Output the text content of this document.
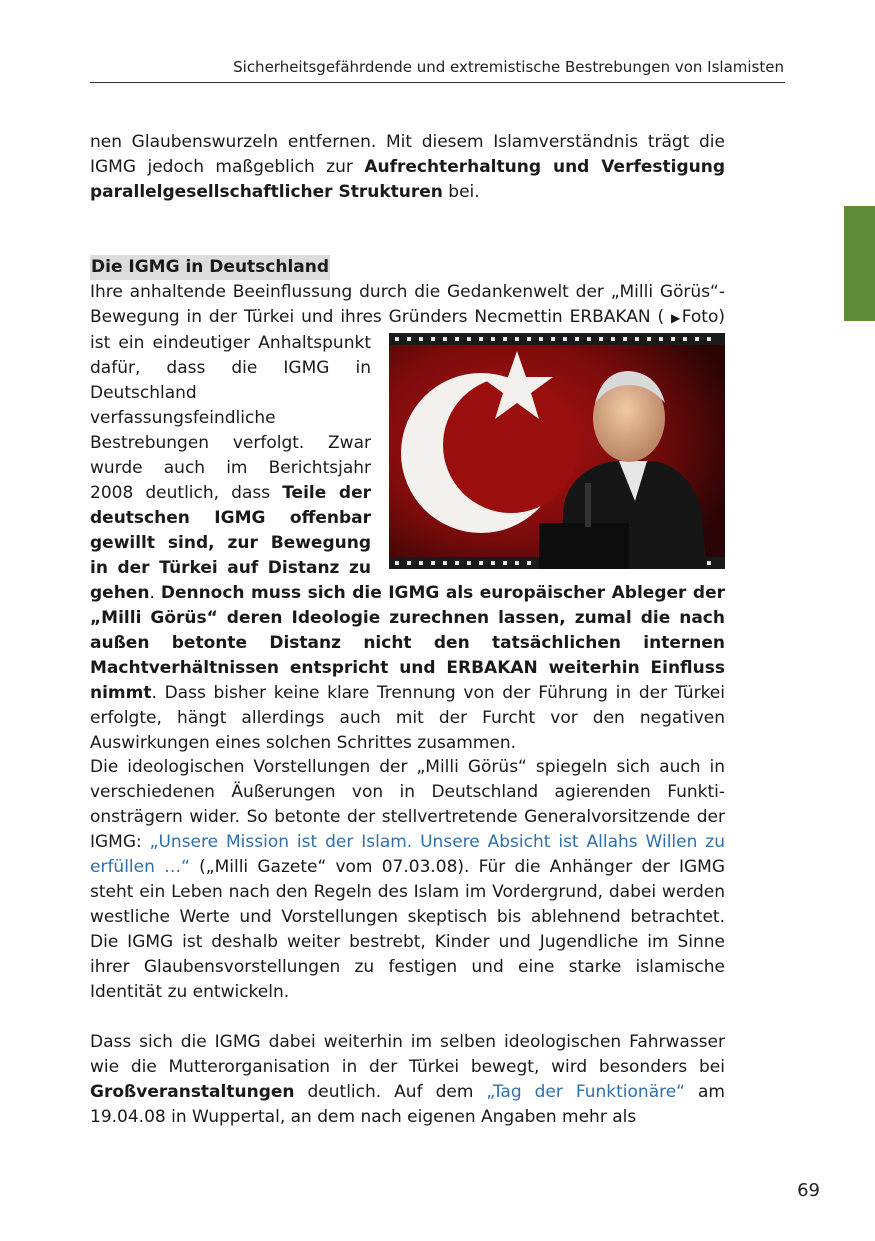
Sicherheitsgefährdende und extremistische Bestrebungen von Islamisten

nen Glaubenswurzeln entfernen. Mit diesem Islamverständnis trägt die IGMG jedoch maßgeblich zur Aufrechterhaltung und Verfestigung parallelgesellschaftlicher Strukturen bei.

Die IGMG in Deutschland
Ihre anhaltende Beeinflussung durch die Gedankenwelt der „Milli Görüs“-Bewegung in der Türkei und ihres Gründers Necmettin ERBAKAN ( ▶Foto) ist ein eindeutiger Anhaltspunkt dafür, dass die IGMG in Deutschland verfassungsfeindliche Bestrebungen verfolgt. Zwar wurde auch im Berichtsjahr 2008 deutlich, dass Teile der deutschen IGMG offenbar gewillt sind, zur Bewegung in der Türkei auf Distanz zu gehen. Dennoch muss sich die IGMG als europäischer Ableger der „Milli Görüs“ deren Ideologie zurechnen lassen, zumal die nach außen betonte Distanz nicht den tatsächlichen internen Machtverhältnissen entspricht und ERBAKAN weiterhin Einfluss nimmt. Dass bisher keine klare Trennung von der Führung in der Türkei erfolgte, hängt allerdings auch mit der Furcht vor den negativen Auswirkungen eines solchen Schrittes zusammen.

Die ideologischen Vorstellungen der „Milli Görüs“ spiegeln sich auch in verschiedenen Äußerungen von in Deutschland agierenden Funktionsträgern wider. So betonte der stellvertretende Generalvorsitzende der IGMG: „Unsere Mission ist der Islam. Unsere Absicht ist Allahs Willen zu erfüllen …“ („Milli Gazete“ vom 07.03.08). Für die Anhänger der IGMG steht ein Leben nach den Regeln des Islam im Vordergrund, dabei werden westliche Werte und Vorstellungen skeptisch bis ablehnend betrachtet. Die IGMG ist deshalb weiter bestrebt, Kinder und Jugendliche im Sinne ihrer Glaubensvorstellungen zu festigen und eine starke islamische Identität zu entwickeln.

Dass sich die IGMG dabei weiterhin im selben ideologischen Fahrwasser wie die Mutterorganisation in der Türkei bewegt, wird besonders bei Großveranstaltungen deutlich. Auf dem „Tag der Funktionäre“ am 19.04.08 in Wuppertal, an dem nach eigenen Angaben mehr als

69
